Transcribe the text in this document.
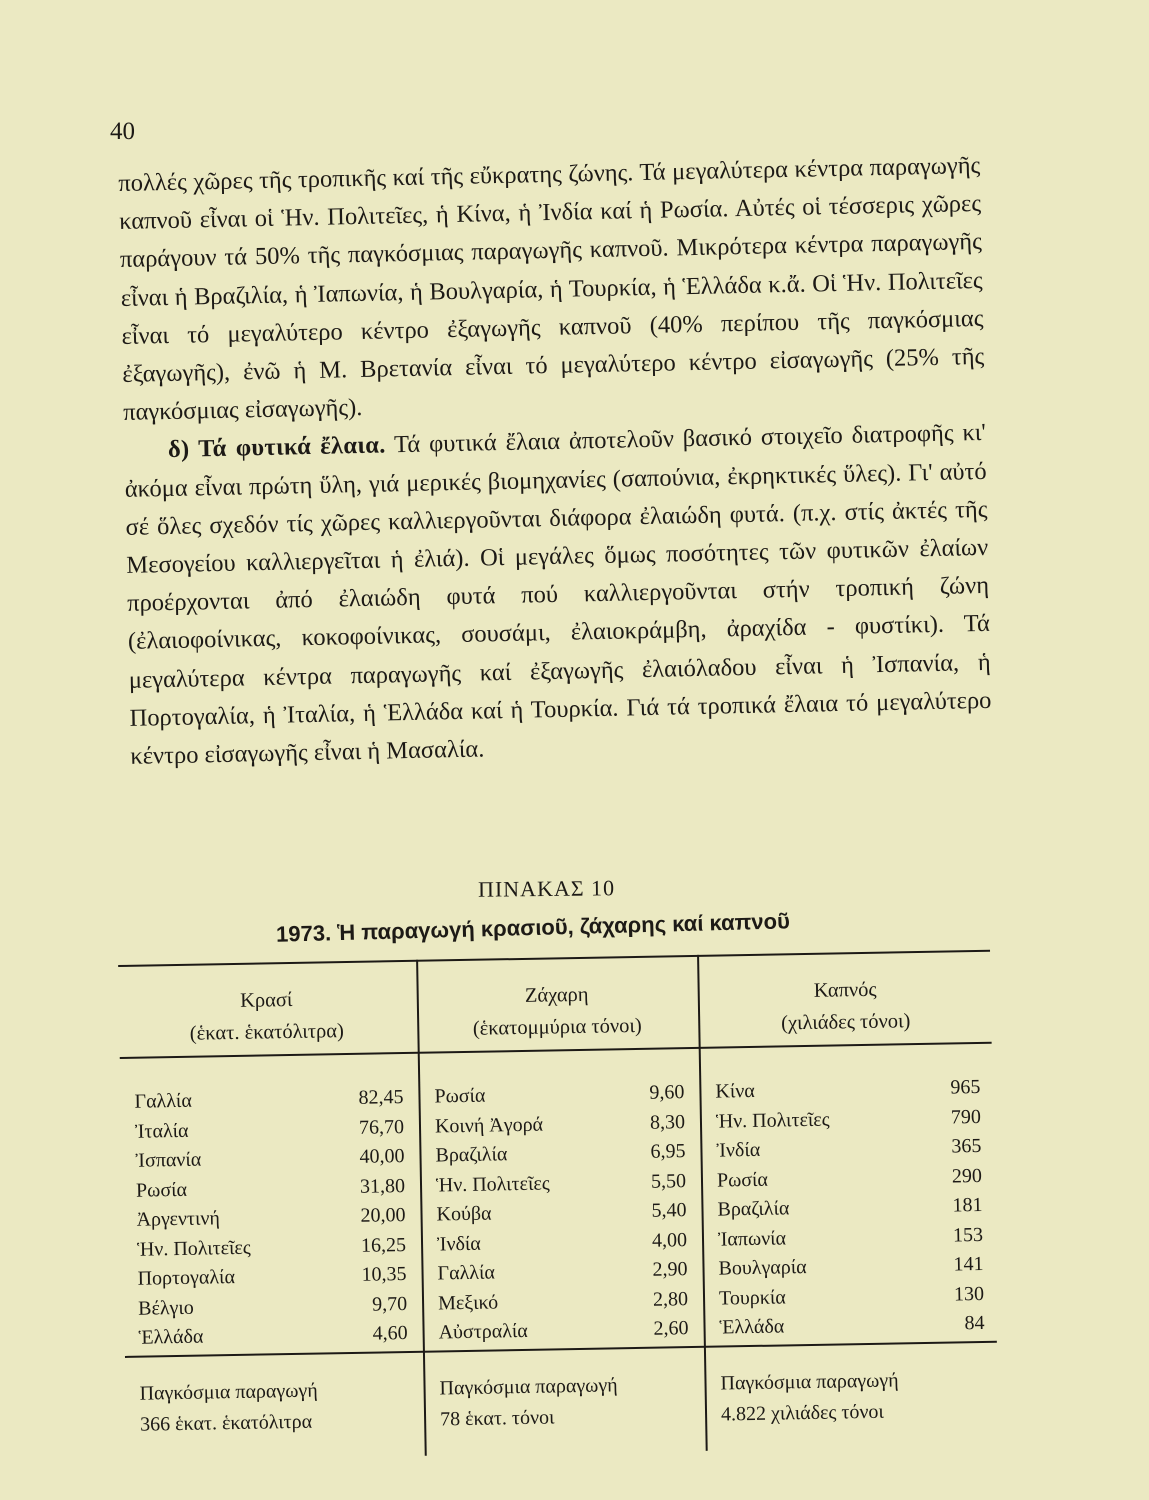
40

πολλές χῶρες τῆς τροπικῆς καί τῆς εὔκρατης ζώνης. Τά μεγαλύτερα κέντρα παραγωγῆς καπνοῦ εἶναι οἱ Ἡν. Πολιτεῖες, ἡ Κίνα, ἡ Ἰνδία καί ἡ Ρωσία. Αὐτές οἱ τέσσερις χῶρες παράγουν τά 50% τῆς παγκόσμιας παραγωγῆς καπνοῦ. Μικρότερα κέντρα παραγωγῆς εἶναι ἡ Βραζιλία, ἡ Ἰαπωνία, ἡ Βουλγαρία, ἡ Τουρκία, ἡ Ἑλλάδα κ.ἄ. Οἱ Ἡν. Πολιτεῖες εἶναι τό μεγαλύτερο κέντρο ἐξαγωγῆς καπνοῦ (40% περίπου τῆς παγκόσμιας ἐξαγωγῆς), ἐνῶ ἡ Μ. Βρετανία εἶναι τό μεγαλύτερο κέντρο εἰσαγωγῆς (25% τῆς παγκόσμιας εἰσαγωγῆς).

δ) Τά φυτικά ἔλαια. Τά φυτικά ἔλαια ἀποτελοῦν βασικό στοιχεῖο διατροφῆς κι' ἀκόμα εἶναι πρώτη ὕλη, γιά μερικές βιομηχανίες (σαπούνια, ἐκρηκτικές ὕλες). Γι' αὐτό σέ ὅλες σχεδόν τίς χῶρες καλλιεργοῦνται διάφορα ἐλαιώδη φυτά. (π.χ. στίς ἀκτές τῆς Μεσογείου καλλιεργεῖται ἡ ἐλιά). Οἱ μεγάλες ὅμως ποσότητες τῶν φυτικῶν ἐλαίων προέρχονται ἀπό ἐλαιώδη φυτά πού καλλιεργοῦνται στήν τροπική ζώνη (ἐλαιοφοίνικας, κοκοφοίνικας, σουσάμι, ἐλαιοκράμβη, ἀραχίδα - φυστίκι). Τά μεγαλύτερα κέντρα παραγωγῆς καί ἐξαγωγῆς ἐλαιόλαδου εἶναι ἡ Ἰσπανία, ἡ Πορτογαλία, ἡ Ἰταλία, ἡ Ἑλλάδα καί ἡ Τουρκία. Γιά τά τροπικά ἔλαια τό μεγαλύτερο κέντρο εἰσαγωγῆς εἶναι ἡ Μασαλία.

ΠΙΝΑΚΑΣ 10
1973. Ἡ παραγωγή κρασιοῦ, ζάχαρης καί καπνοῦ
Κρασί
(ἑκατ. ἑκατόλιτρα)
Γαλλία	82,45
Ἰταλία	76,70
Ἰσπανία	40,00
Ρωσία	31,80
Ἀργεντινή	20,00
Ἡν. Πολιτεῖες	16,25
Πορτογαλία	10,35
Βέλγιο	9,70
Ἑλλάδα	4,60
Παγκόσμια παραγωγή
366 ἑκατ. ἑκατόλιτρα
Ζάχαρη
(ἑκατομμύρια τόνοι)
Ρωσία	9,60
Κοινή Ἀγορά	8,30
Βραζιλία	6,95
Ἡν. Πολιτεῖες	5,50
Κούβα	5,40
Ἰνδία	4,00
Γαλλία	2,90
Μεξικό	2,80
Αὐστραλία	2,60
Παγκόσμια παραγωγή
78 ἑκατ. τόνοι
Καπνός
(χιλιάδες τόνοι)
Κίνα	965
Ἡν. Πολιτεῖες	790
Ἰνδία	365
Ρωσία	290
Βραζιλία	181
Ἰαπωνία	153
Βουλγαρία	141
Τουρκία	130
Ἑλλάδα	84
Παγκόσμια παραγωγή
4.822 χιλιάδες τόνοι
